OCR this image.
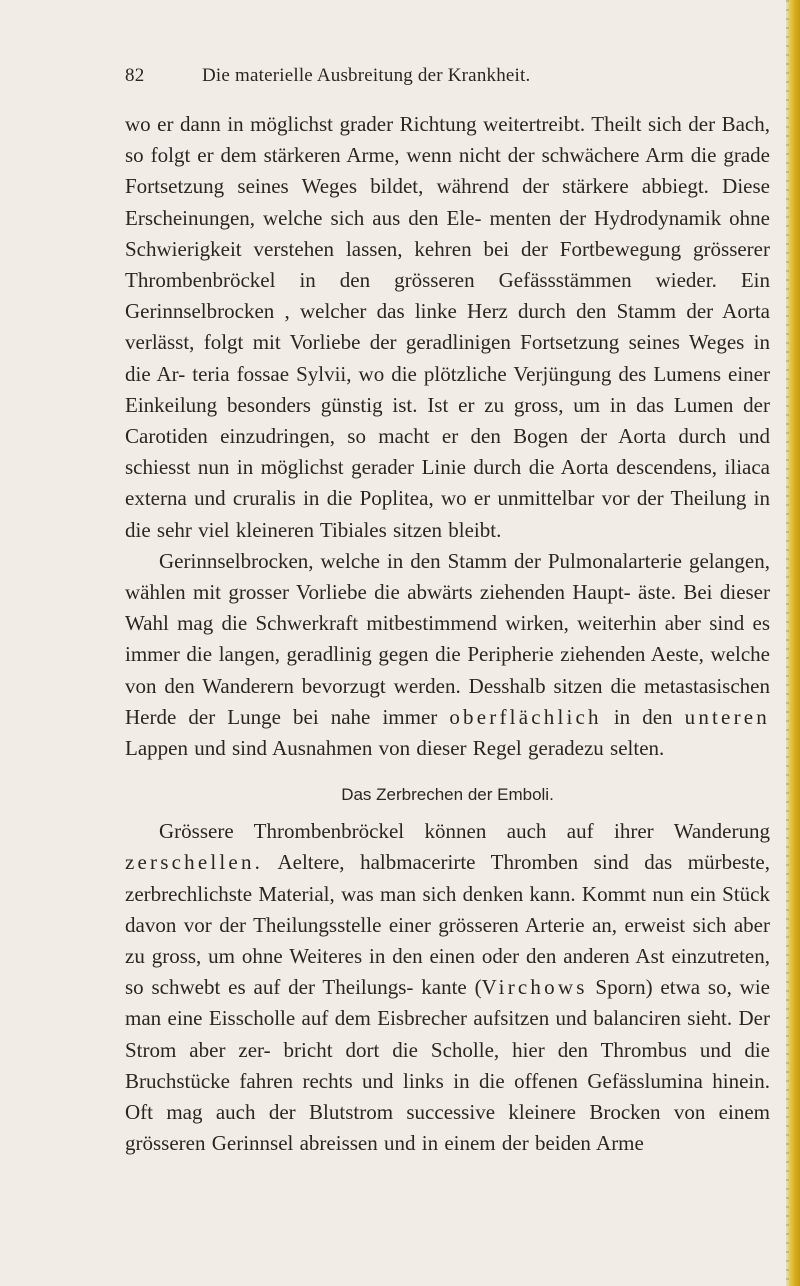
82	Die materielle Ausbreitung der Krankheit.

wo er dann in möglichst grader Richtung weitertreibt. Theilt sich der Bach, so folgt er dem stärkeren Arme, wenn nicht der schwächere Arm die grade Fortsetzung seines Weges bildet, während der stärkere abbiegt. Diese Erscheinungen, welche sich aus den Ele- menten der Hydrodynamik ohne Schwierigkeit verstehen lassen, kehren bei der Fortbewegung grösserer Thrombenbröckel in den grösseren Gefässstämmen wieder. Ein Gerinnselbrocken , welcher das linke Herz durch den Stamm der Aorta verlässt, folgt mit Vorliebe der geradlinigen Fortsetzung seines Weges in die Ar- teria fossae Sylvii, wo die plötzliche Verjüngung des Lumens einer Einkeilung besonders günstig ist. Ist er zu gross, um in das Lumen der Carotiden einzudringen, so macht er den Bogen der Aorta durch und schiesst nun in möglichst gerader Linie durch die Aorta descendens, iliaca externa und cruralis in die Poplitea, wo er unmittelbar vor der Theilung in die sehr viel kleineren Tibiales sitzen bleibt.

Gerinnselbrocken, welche in den Stamm der Pulmonalarterie gelangen, wählen mit grosser Vorliebe die abwärts ziehenden Haupt- äste. Bei dieser Wahl mag die Schwerkraft mitbestimmend wirken, weiterhin aber sind es immer die langen, geradlinig gegen die Peripherie ziehenden Aeste, welche von den Wanderern bevorzugt werden. Desshalb sitzen die metastasischen Herde der Lunge bei nahe immer oberflächlich in den unteren Lappen und sind Ausnahmen von dieser Regel geradezu selten.

Das Zerbrechen der Emboli.

Grössere Thrombenbröckel können auch auf ihrer Wanderung zerschellen. Aeltere, halbmacerirte Thromben sind das mürbeste, zerbrechlichste Material, was man sich denken kann. Kommt nun ein Stück davon vor der Theilungsstelle einer grösseren Arterie an, erweist sich aber zu gross, um ohne Weiteres in den einen oder den anderen Ast einzutreten, so schwebt es auf der Theilungs- kante (Virchows Sporn) etwa so, wie man eine Eisscholle auf dem Eisbrecher aufsitzen und balanciren sieht. Der Strom aber zer- bricht dort die Scholle, hier den Thrombus und die Bruchstücke fahren rechts und links in die offenen Gefässlumina hinein. Oft mag auch der Blutstrom successive kleinere Brocken von einem grösseren Gerinnsel abreissen und in einem der beiden Arme
